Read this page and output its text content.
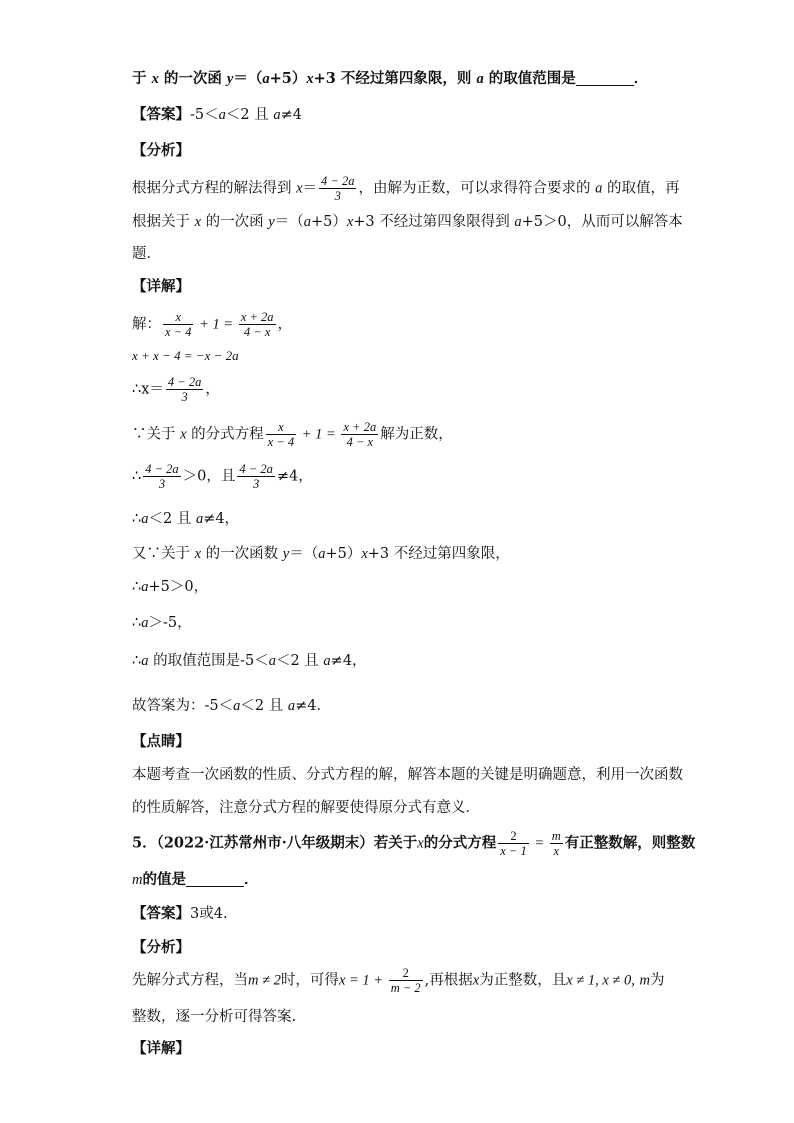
于 x 的一次函 y＝（a+5）x+3 不经过第四象限，则 a 的取值范围是	．
【答案】-5＜a＜2 且 a≠4
【分析】
根据分式方程的解法得到 $x= \frac{4 - 2a}{3}$ ，由解为正数，可以求得符合要求的 a 的取值，再
根据关于 x 的一次函 y＝（a+5）x+3 不经过第四象限得到 a+5＞0，从而可以解答本
题．
【详解】
解： $\frac{x}{x - 4} + 1 = \frac{x + 2a}{4 - x}$ ，
x + x − 4 = −x − 2a
∴x＝ $\frac{4 - 2a}{3}$ ，
∵关于 x 的分式方程 $\frac{x}{x - 4} + 1 = \frac{x + 2a}{4 - x}$ 解为正数，
∴ $\frac{4 - 2a}{3} >0$，且 $\frac{4 - 2a}{3} \ne 4$，
∴a＜2 且 a≠4，
又∵关于 x 的一次函数 y＝（a+5）x+3 不经过第四象限，
∴a+5＞0，
∴a＞-5，
∴a 的取值范围是-5＜a＜2 且 a≠4，
故答案为：-5＜a＜2 且 a≠4．
【点睛】
本题考查一次函数的性质、分式方程的解，解答本题的关键是明确题意，利用一次函数
的性质解答，注意分式方程的解要使得原分式有意义．
5．（2022·江苏常州市·八年级期末）若关于x的分式方程 $\frac{2}{x - 1} = \frac{m}{x}$ 有正整数解，则整数
m的值是	．
【答案】3或4.
【分析】
先解分式方程，当m ≠ 2时，可得$x = 1 + \frac{2}{m - 2}$ ,再根据x为正整数，且x ≠ 1, x ≠ 0, m为
整数，逐一分析可得答案.
【详解】
